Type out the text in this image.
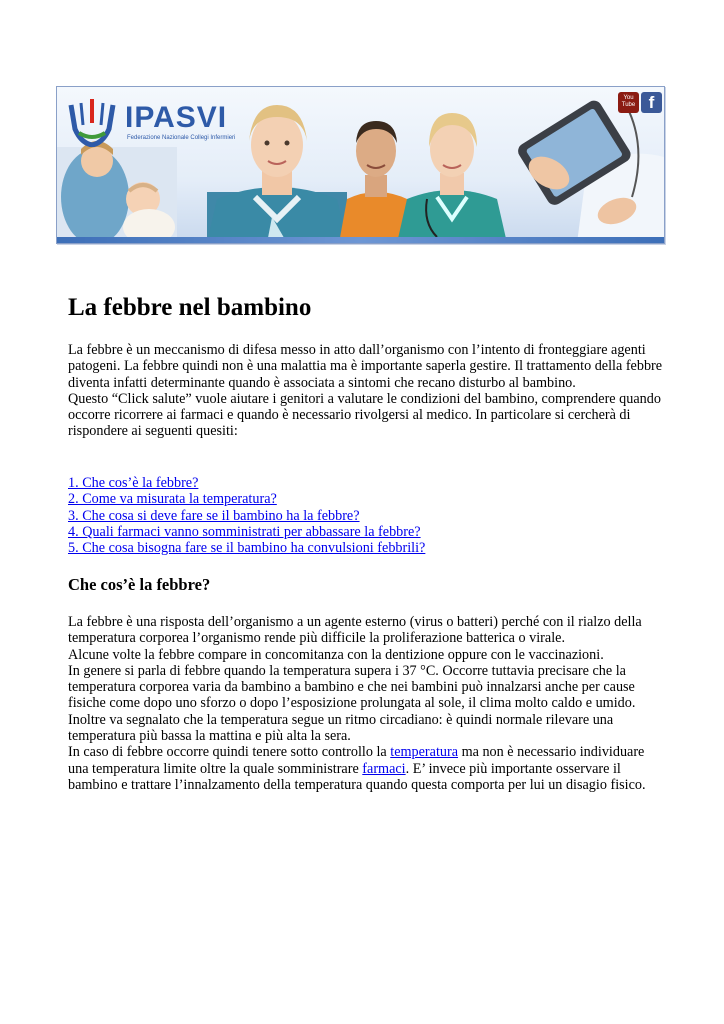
IPASVI
Federazione Nazionale Collegi Infermieri
You
Tube f
La febbre nel bambino

La febbre è un meccanismo di difesa messo in atto dall’organismo con l’intento di fronteggiare agenti patogeni. La febbre quindi non è una malattia ma è importante saperla gestire. Il trattamento della febbre diventa infatti determinante quando è associata a sintomi che recano disturbo al bambino.

Questo “Click salute” vuole aiutare i genitori a valutare le condizioni del bambino, comprendere quando occorre ricorrere ai farmaci e quando è necessario rivolgersi al medico. In particolare si cercherà di rispondere ai seguenti quesiti:

1. Che cos’è la febbre?
2. Come va misurata la temperatura?
3. Che cosa si deve fare se il bambino ha la febbre?
4. Quali farmaci vanno somministrati per abbassare la febbre?
5. Che cosa bisogna fare se il bambino ha convulsioni febbrili?
Che cos’è la febbre?

La febbre è una risposta dell’organismo a un agente esterno (virus o batteri) perché con il rialzo della temperatura corporea l’organismo rende più difficile la proliferazione batterica o virale.

Alcune volte la febbre compare in concomitanza con la dentizione oppure con le vaccinazioni.

In genere si parla di febbre quando la temperatura supera i 37 °C. Occorre tuttavia precisare che la temperatura corporea varia da bambino a bambino e che nei bambini può innalzarsi anche per cause fisiche come dopo uno sforzo o dopo l’esposizione prolungata al sole, il clima molto caldo e umido.

Inoltre va segnalato che la temperatura segue un ritmo circadiano: è quindi normale rilevare una temperatura più bassa la mattina e più alta la sera.

In caso di febbre occorre quindi tenere sotto controllo la temperatura ma non è necessario individuare una temperatura limite oltre la quale somministrare farmaci. E’ invece più importante osservare il bambino e trattare l’innalzamento della temperatura quando questa comporta per lui un disagio fisico.
